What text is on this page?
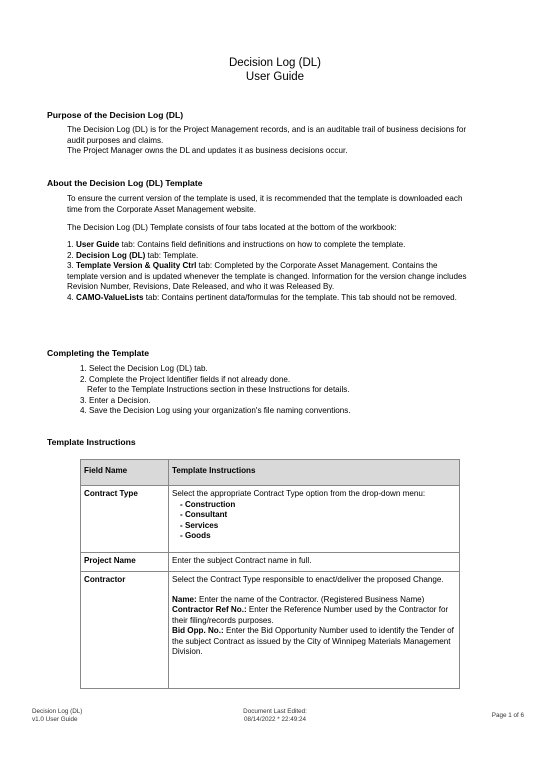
Decision Log (DL)
User Guide
Purpose of the Decision Log (DL)
The Decision Log (DL) is for the Project Management records, and is an auditable trail of business decisions for audit purposes and claims.
The Project Manager owns the DL and updates it as business decisions occur.
About the Decision Log (DL) Template
To ensure the current version of the template is used, it is recommended that the template is downloaded each time from the Corporate Asset Management website.
The Decision Log (DL) Template consists of four tabs located at the bottom of the workbook:
1. User Guide tab: Contains field definitions and instructions on how to complete the template.
2. Decision Log (DL) tab: Template.
3. Template Version & Quality Ctrl tab: Completed by the Corporate Asset Management. Contains the template version and is updated whenever the template is changed. Information for the version change includes Revision Number, Revisions, Date Released, and who it was Released By.
4. CAMO-ValueLists tab: Contains pertinent data/formulas for the template. This tab should not be removed.
Completing the Template
1. Select the Decision Log (DL) tab.
2. Complete the Project Identifier fields if not already done.
Refer to the Template Instructions section in these Instructions for details.
3. Enter a Decision.
4. Save the Decision Log using your organization's file naming conventions.
Template Instructions
Field Name	Template Instructions
Contract Type	Select the appropriate Contract Type option from the drop-down menu:
- Construction
- Consultant
- Services
- Goods

Project Name	Enter the subject Contract name in full.
Contractor	Select the Contract Type responsible to enact/deliver the proposed Change.
Name: Enter the name of the Contractor. (Registered Business Name)
Contractor Ref No.: Enter the Reference Number used by the Contractor for their filing/records purposes.
Bid Opp. No.: Enter the Bid Opportunity Number used to identify the Tender of the subject Contract as issued by the City of Winnipeg Materials Management Division.
Decision Log (DL)
v1.0 User Guide
Document Last Edited:
08/14/2022 * 22:49:24
Page 1 of 6
